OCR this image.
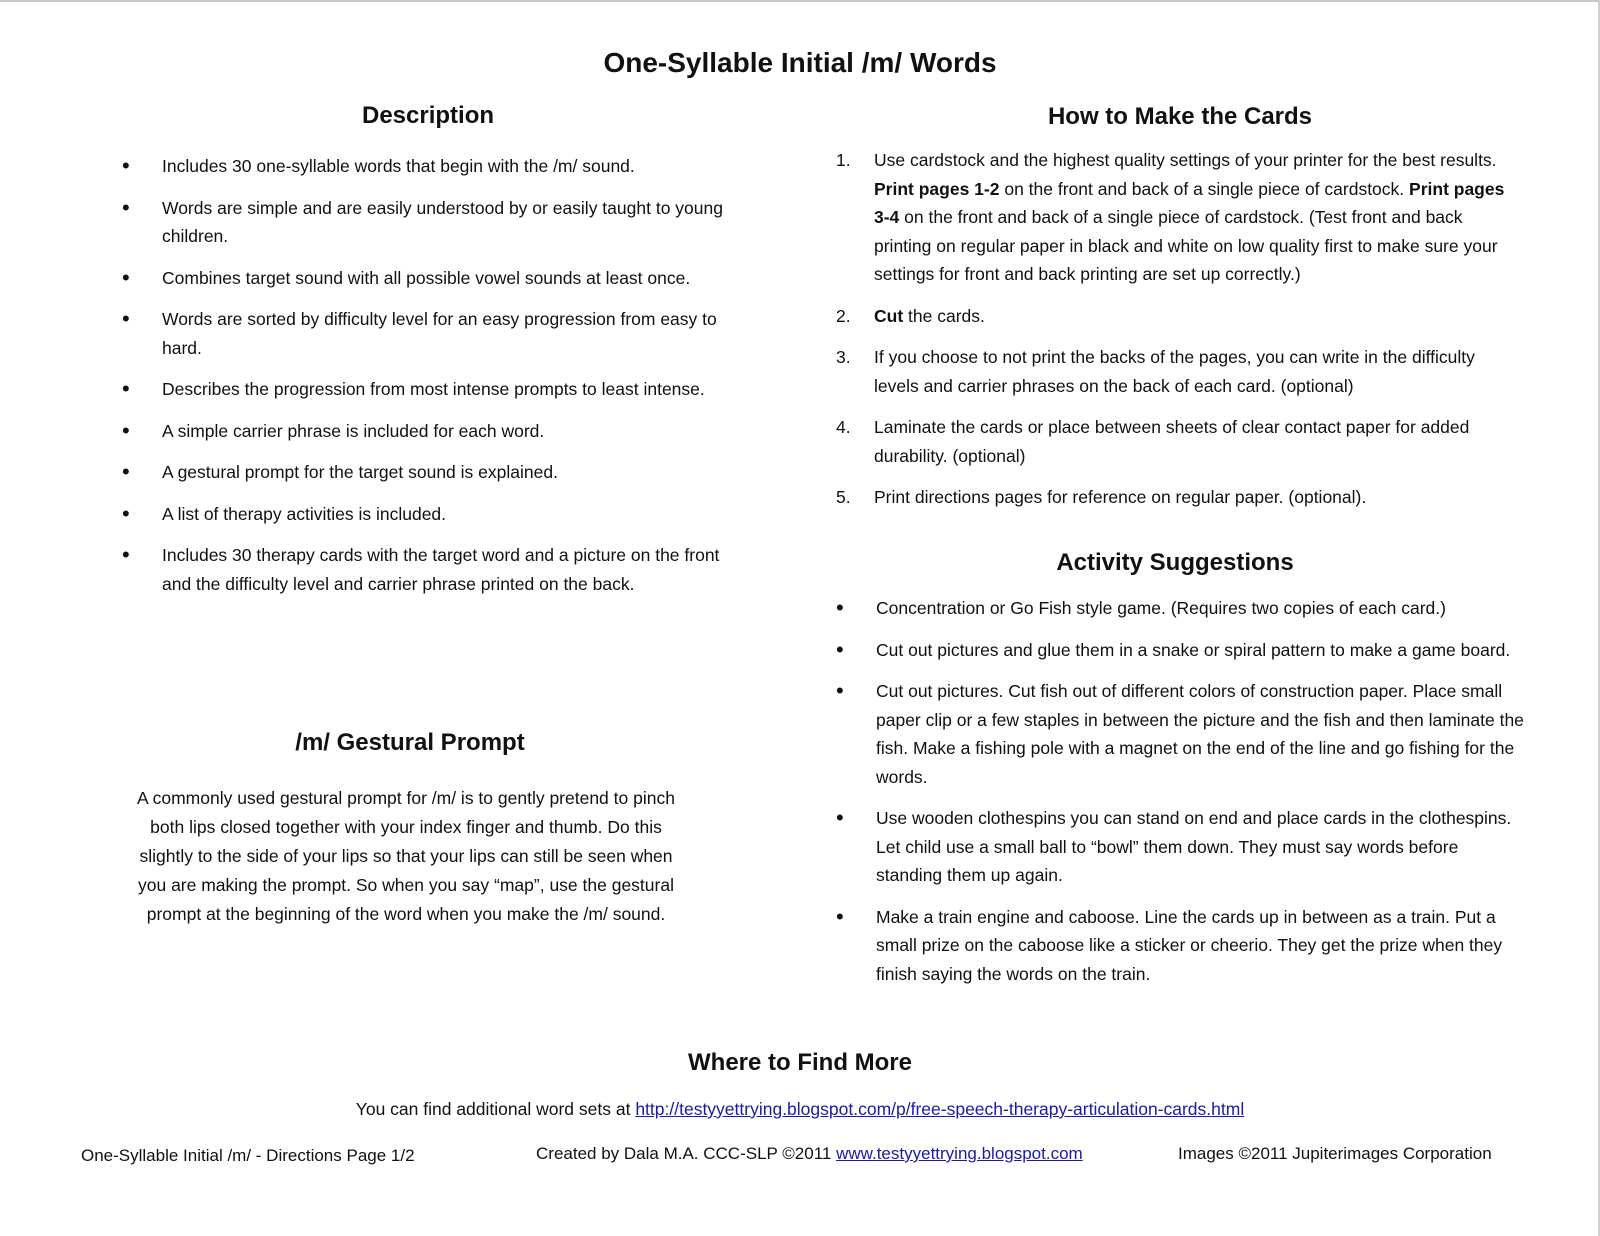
One-Syllable Initial /m/ Words
Description
• Includes 30 one-syllable words that begin with the /m/ sound.
• Words are simple and are easily understood by or easily taught to young children.
• Combines target sound with all possible vowel sounds at least once.
• Words are sorted by difficulty level for an easy progression from easy to hard.
• Describes the progression from most intense prompts to least intense.
• A simple carrier phrase is included for each word.
• A gestural prompt for the target sound is explained.
• A list of therapy activities is included.
• Includes 30 therapy cards with the target word and a picture on the front and the difficulty level and carrier phrase printed on the back.
/m/ Gestural Prompt

A commonly used gestural prompt for /m/ is to gently pretend to pinch both lips closed together with your index finger and thumb. Do this slightly to the side of your lips so that your lips can still be seen when you are making the prompt. So when you say “map”, use the gestural prompt at the beginning of the word when you make the /m/ sound.

How to Make the Cards
1. Use cardstock and the highest quality settings of your printer for the best results. Print pages 1-2 on the front and back of a single piece of cardstock. Print pages 3-4 on the front and back of a single piece of cardstock. (Test front and back printing on regular paper in black and white on low quality first to make sure your settings for front and back printing are set up correctly.)
2. Cut the cards.
3. If you choose to not print the backs of the pages, you can write in the difficulty levels and carrier phrases on the back of each card. (optional)
4. Laminate the cards or place between sheets of clear contact paper for added durability. (optional)
5. Print directions pages for reference on regular paper. (optional).
Activity Suggestions
• Concentration or Go Fish style game. (Requires two copies of each card.)
• Cut out pictures and glue them in a snake or spiral pattern to make a game board.
• Cut out pictures. Cut fish out of different colors of construction paper. Place small paper clip or a few staples in between the picture and the fish and then laminate the fish. Make a fishing pole with a magnet on the end of the line and go fishing for the words.
• Use wooden clothespins you can stand on end and place cards in the clothespins. Let child use a small ball to “bowl” them down. They must say words before standing them up again.
• Make a train engine and caboose. Line the cards up in between as a train. Put a small prize on the caboose like a sticker or cheerio. They get the prize when they finish saying the words on the train.
Where to Find More

You can find additional word sets at http://testyyettrying.blogspot.com/p/free-speech-therapy-articulation-cards.html

One-Syllable Initial /m/ - Directions Page 1/2	Created by Dala M.A. CCC-SLP ©2011 www.testyyettrying.blogspot.com	Images ©2011 Jupiterimages Corporation
